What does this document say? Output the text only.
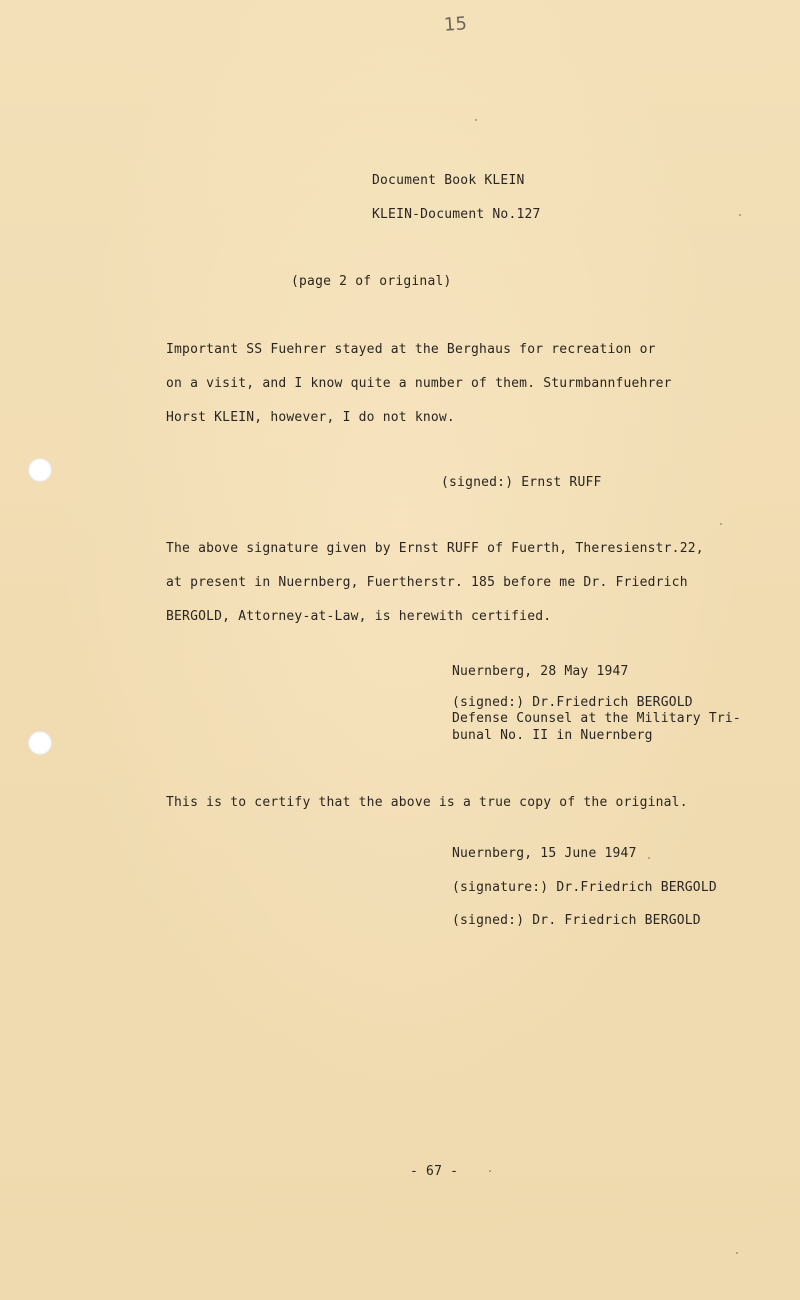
15
Document Book KLEIN
KLEIN-Document No.127
(page 2 of original)
Important SS Fuehrer stayed at the Berghaus for recreation or
on a visit, and I know quite a number of them. Sturmbannfuehrer
Horst KLEIN, however, I do not know.
(signed:) Ernst RUFF
The above signature given by Ernst RUFF of Fuerth, Theresienstr.22,
at present in Nuernberg, Fuertherstr. 185 before me Dr. Friedrich
BERGOLD, Attorney-at-Law, is herewith certified.
Nuernberg, 28 May 1947
(signed:) Dr.Friedrich BERGOLD
Defense Counsel at the Military Tri-
bunal No. II in Nuernberg
This is to certify that the above is a true copy of the original.
Nuernberg, 15 June 1947
(signature:) Dr.Friedrich BERGOLD
(signed:) Dr. Friedrich BERGOLD
- 67 -
